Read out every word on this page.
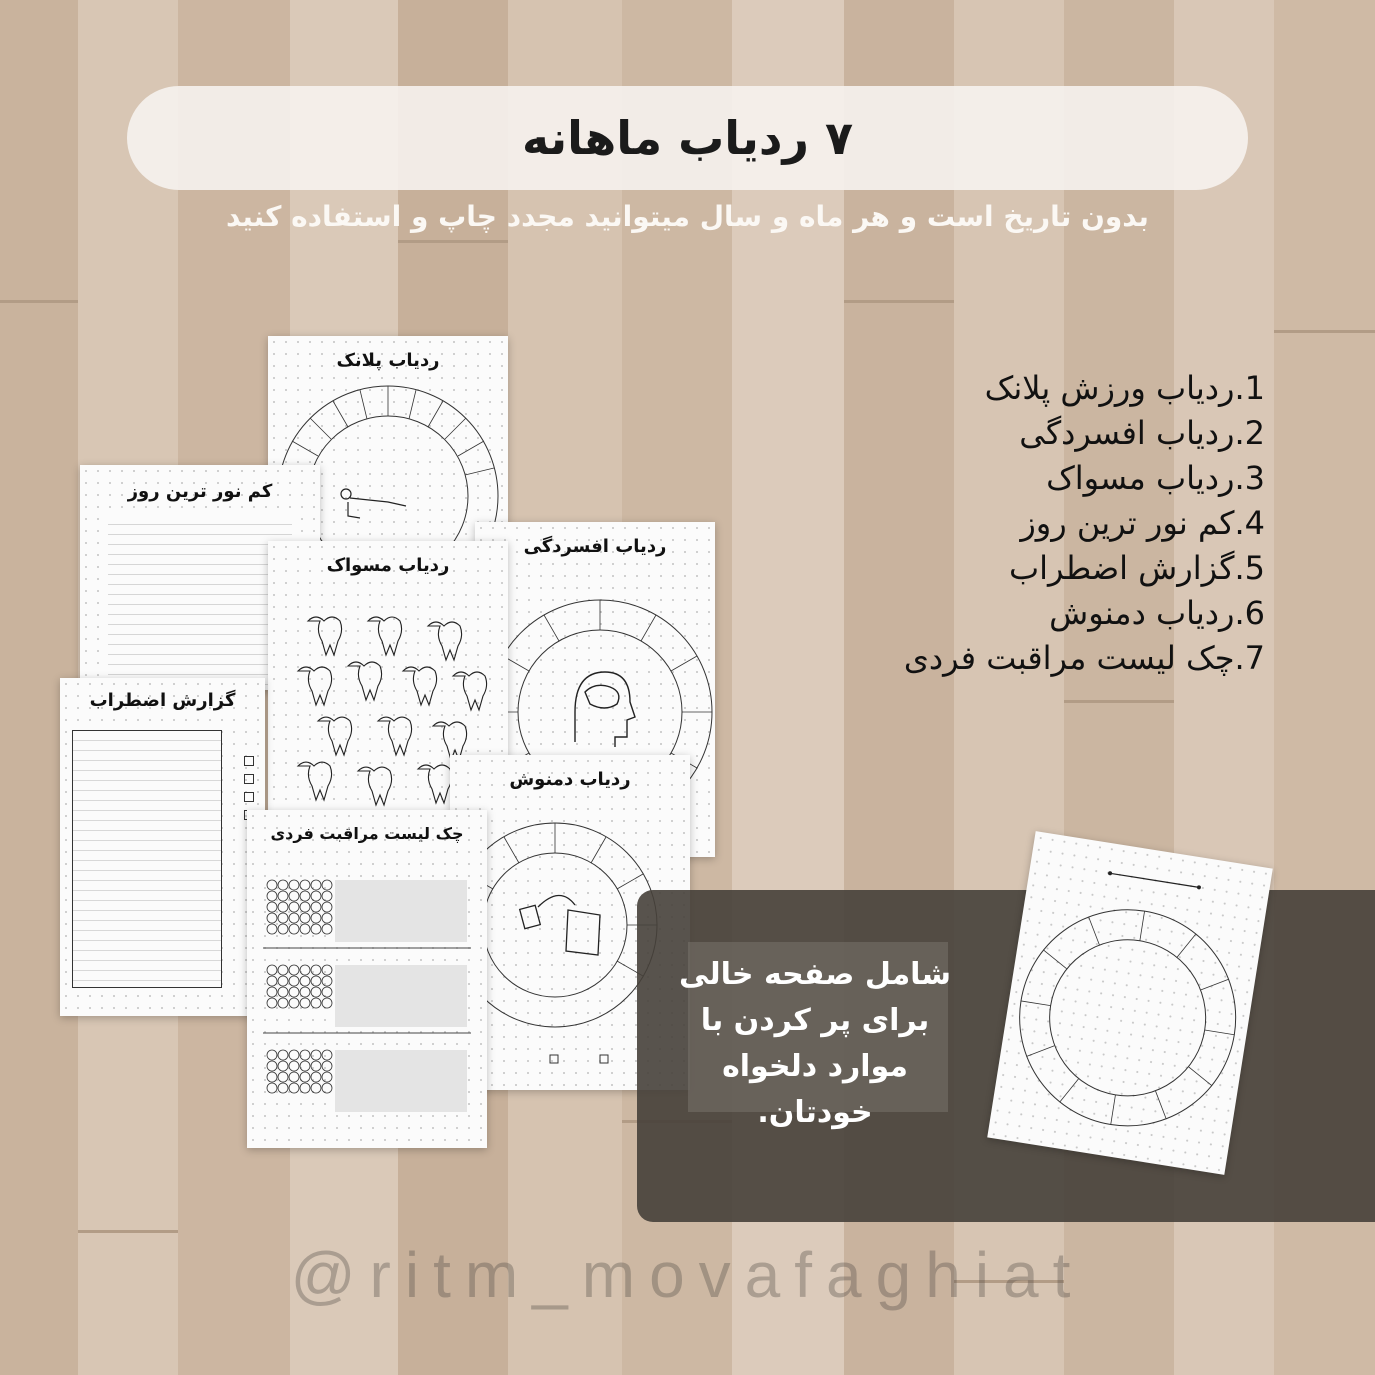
۷ ردیاب ماهانه
بدون تاریخ است و هر ماه و سال میتوانید مجدد چاپ و استفاده کنید
1.ردیاب ورزش پلانک
2.ردیاب افسردگی
3.ردیاب مسواک
4.کم نور ترین روز
5.گزارش اضطراب
6.ردیاب دمنوش
7.چک لیست مراقبت فردی
ردیاب پلانک
کم نور ترین روز
ردیاب افسردگی
ردیاب مسواک
گزارش اضطراب
ردیاب دمنوش
چک لیست مراقبت فردی
شامل صفحه خالی
برای پر کردن با
موارد دلخواه
خودتان.
@ritm_movafaghiat
